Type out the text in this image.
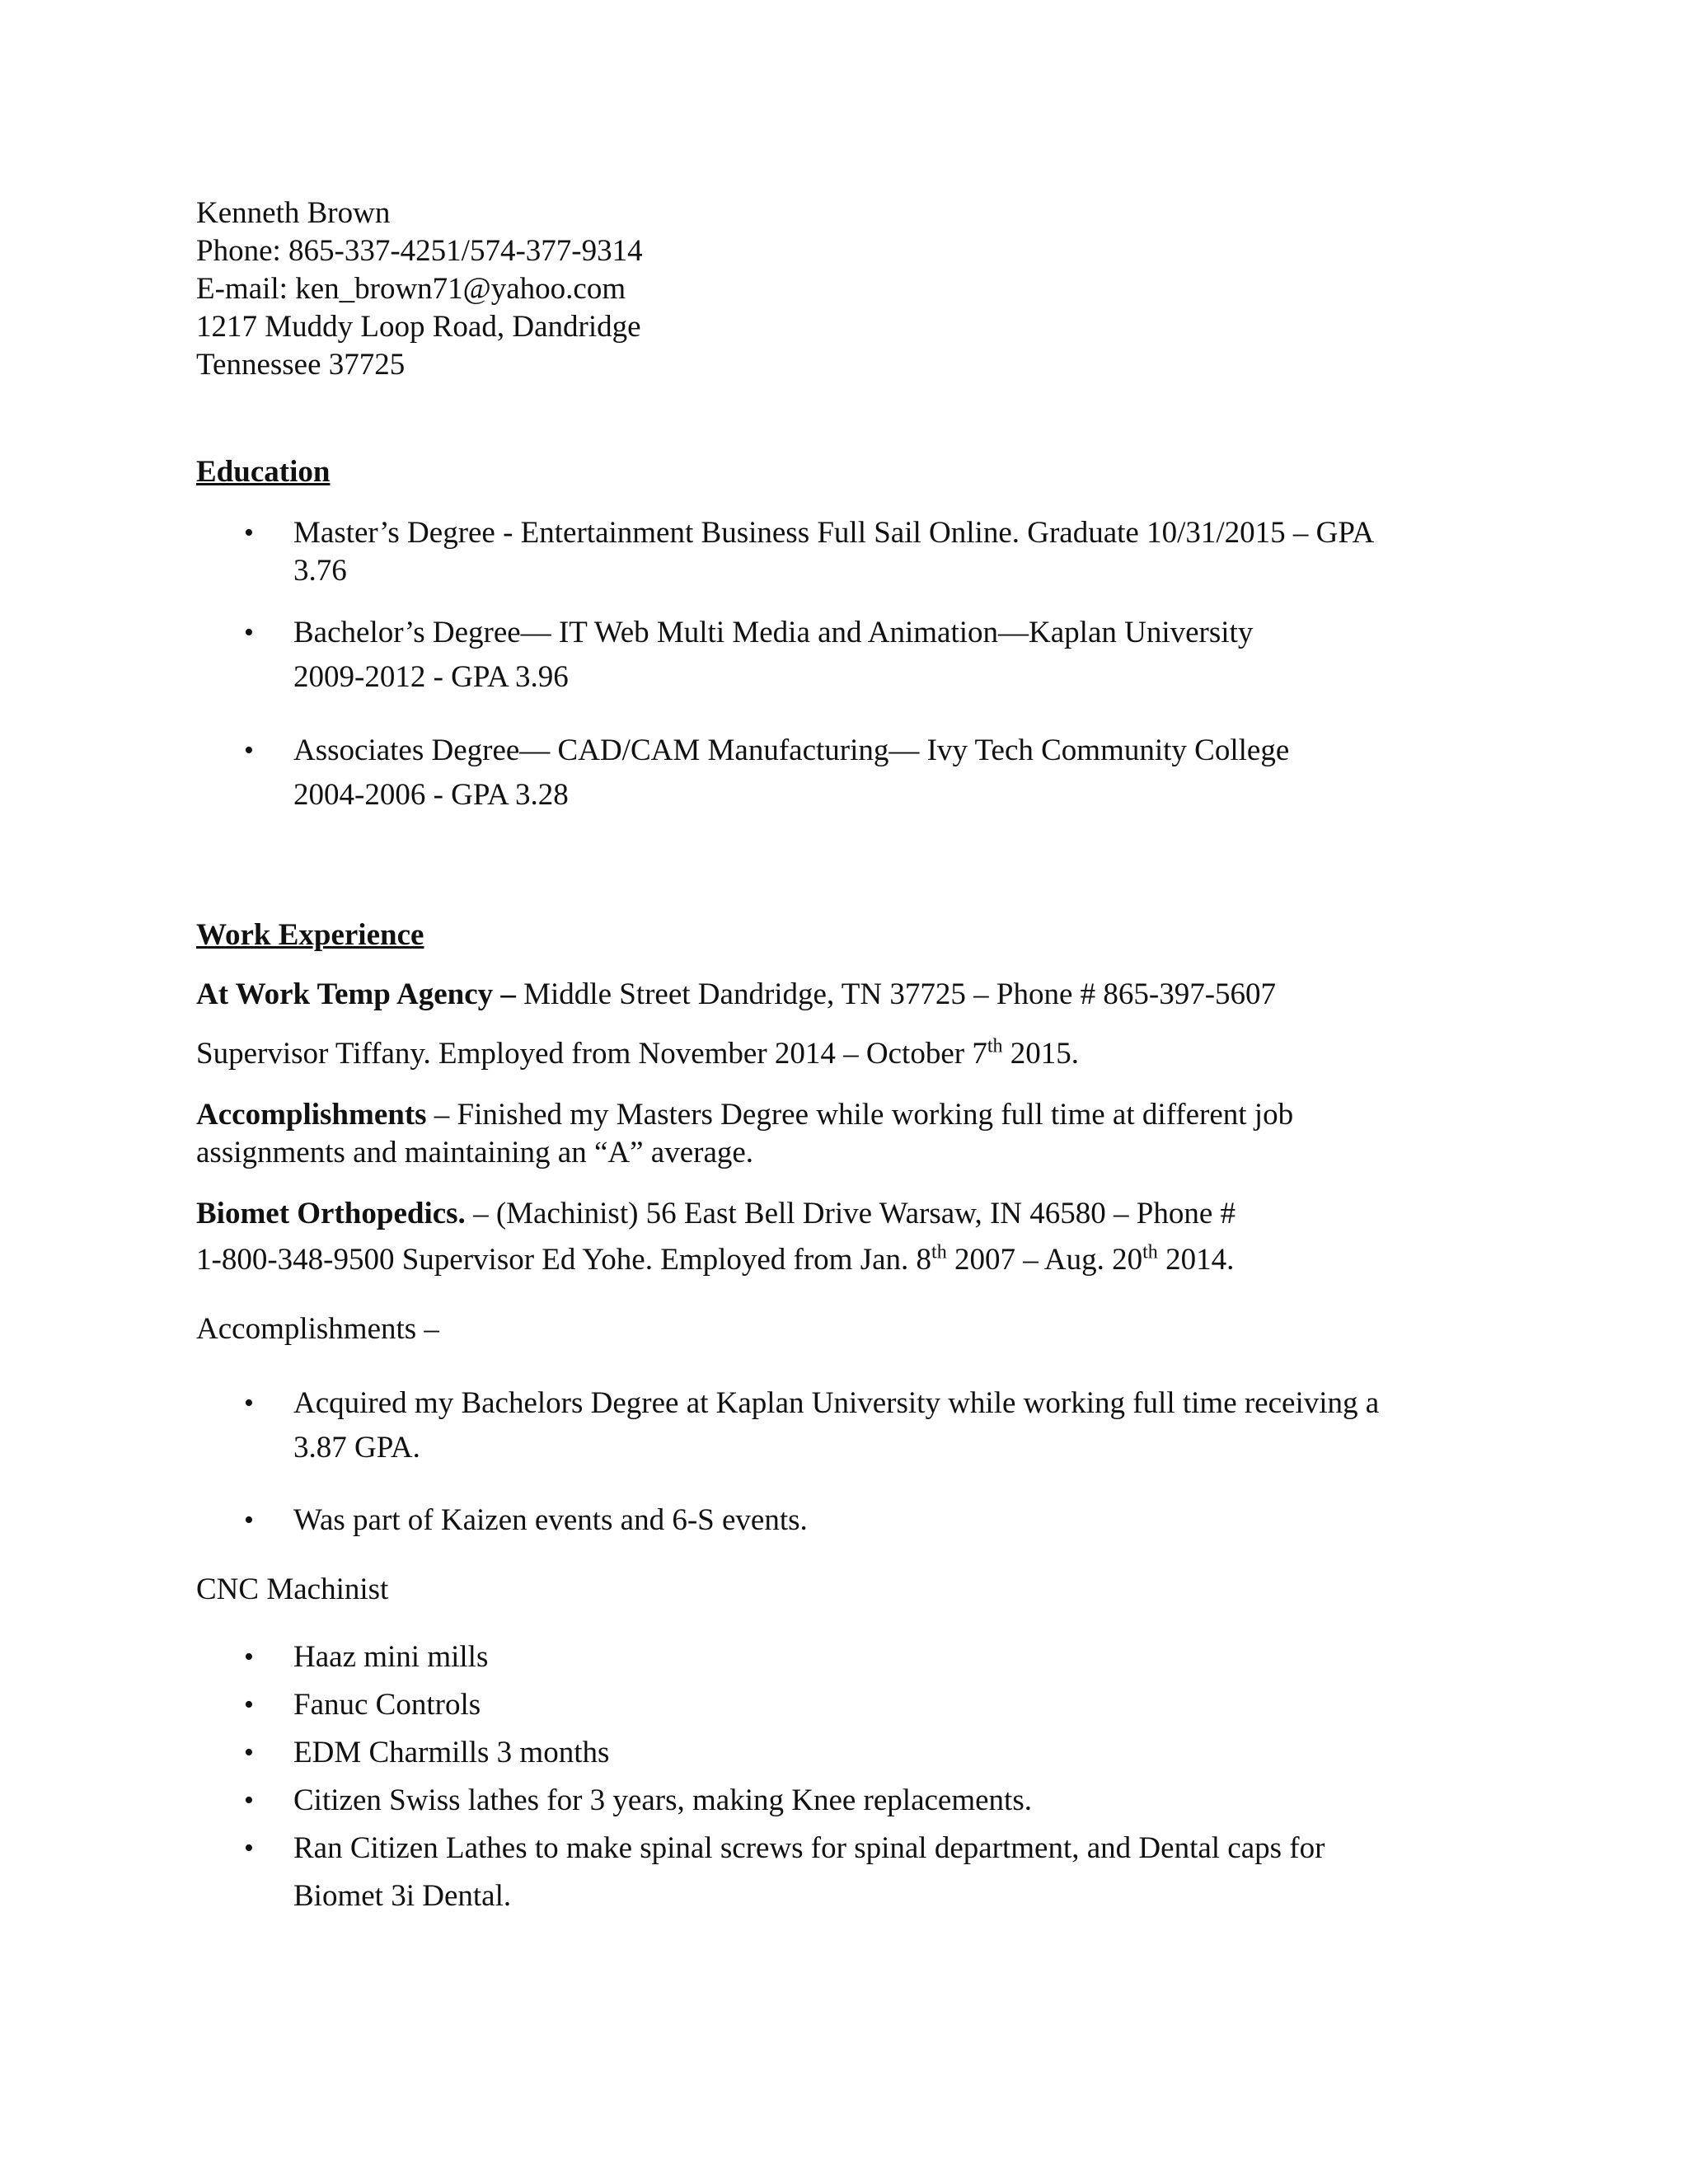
Kenneth Brown
Phone: 865-337-4251/574-377-9314
E-mail: ken_brown71@yahoo.com
1217 Muddy Loop Road, Dandridge
Tennessee 37725
Education
• Master’s Degree - Entertainment Business Full Sail Online. Graduate 10/31/2015 – GPA
3.76
• Bachelor’s Degree— IT Web Multi Media and Animation—Kaplan University
2009-2012 - GPA 3.96
• Associates Degree— CAD/CAM Manufacturing— Ivy Tech Community College
2004-2006 - GPA 3.28
Work Experience
At Work Temp Agency – Middle Street Dandridge, TN 37725 – Phone # 865-397-5607
Supervisor Tiffany. Employed from November 2014 – October 7th 2015.
Accomplishments – Finished my Masters Degree while working full time at different job
assignments and maintaining an “A” average.
Biomet Orthopedics. – (Machinist) 56 East Bell Drive Warsaw, IN 46580 – Phone #
1-800-348-9500 Supervisor Ed Yohe. Employed from Jan. 8th 2007 – Aug. 20th 2014.
Accomplishments –
• Acquired my Bachelors Degree at Kaplan University while working full time receiving a
3.87 GPA.
• Was part of Kaizen events and 6-S events.
CNC Machinist
• Haaz mini mills
• Fanuc Controls
• EDM Charmills 3 months
• Citizen Swiss lathes for 3 years, making Knee replacements.
• Ran Citizen Lathes to make spinal screws for spinal department, and Dental caps for
Biomet 3i Dental.
